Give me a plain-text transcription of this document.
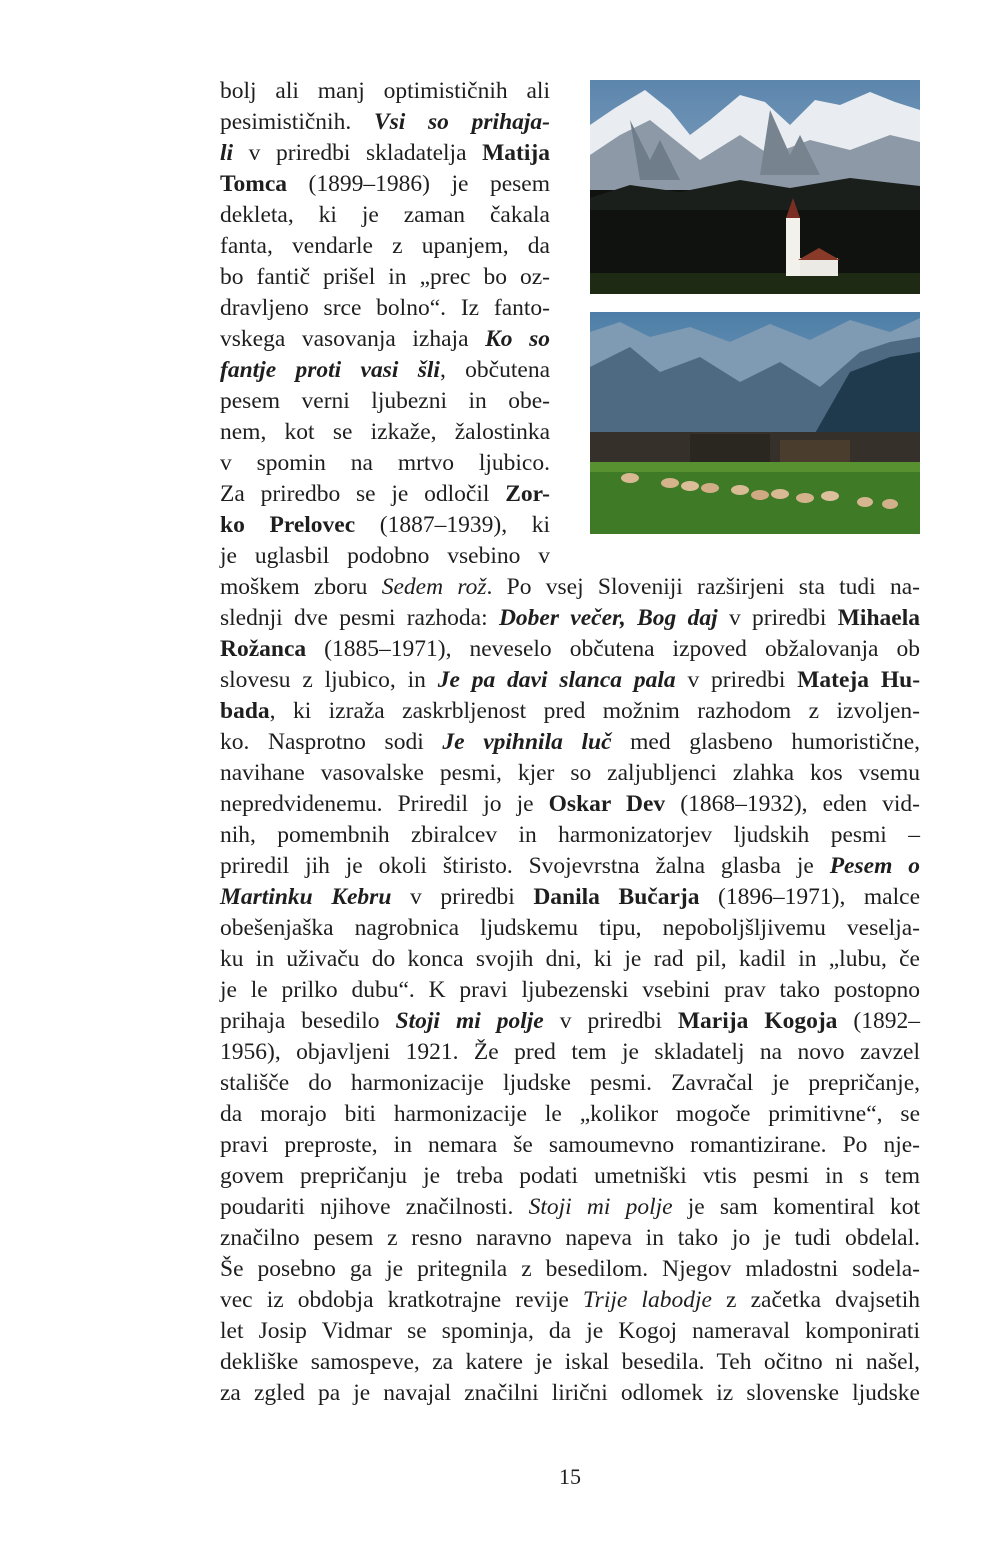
bolj ali manj optimističnih ali
pesimističnih. Vsi so prihaja-
li v priredbi skladatelja Matija
Tomca (1899–1986) je pesem
dekleta, ki je zaman čakala
fanta, vendarle z upanjem, da
bo fantič prišel in „prec bo oz-
dravljeno srce bolno“. Iz fanto-
vskega vasovanja izhaja Ko so
fantje proti vasi šli, občutena
pesem verni ljubezni in obe-
nem, kot se izkaže, žalostinka
v spomin na mrtvo ljubico.
Za priredbo se je odločil Zor-
ko Prelovec (1887–1939), ki
je uglasbil podobno vsebino v
moškem zboru Sedem rož. Po vsej Sloveniji razširjeni sta tudi na-
slednji dve pesmi razhoda: Dober večer, Bog daj v priredbi Mihaela
Rožanca (1885–1971), neveselo občutena izpoved obžalovanja ob
slovesu z ljubico, in Je pa davi slanca pala v priredbi Mateja Hu-
bada, ki izraža zaskrbljenost pred možnim razhodom z izvoljen-
ko. Nasprotno sodi Je vpihnila luč med glasbeno humoristične,
navihane vasovalske pesmi, kjer so zaljubljenci zlahka kos vsemu
nepredvidenemu. Priredil jo je Oskar Dev (1868–1932), eden vid-
nih, pomembnih zbiralcev in harmonizatorjev ljudskih pesmi –
priredil jih je okoli štiristo. Svojevrstna žalna glasba je Pesem o
Martinku Kebru v priredbi Danila Bučarja (1896–1971), malce
obešenjaška nagrobnica ljudskemu tipu, nepoboljšljivemu veselja-
ku in uživaču do konca svojih dni, ki je rad pil, kadil in „lubu, če
je le prilko dubu“. K pravi ljubezenski vsebini prav tako postopno
prihaja besedilo Stoji mi polje v priredbi Marija Kogoja (1892–
1956), objavljeni 1921. Že pred tem je skladatelj na novo zavzel
stališče do harmonizacije ljudske pesmi. Zavračal je prepričanje,
da morajo biti harmonizacije le „kolikor mogoče primitivne“, se
pravi preproste, in nemara še samoumevno romantizirane. Po nje-
govem prepričanju je treba podati umetniški vtis pesmi in s tem
poudariti njihove značilnosti. Stoji mi polje je sam komentiral kot
značilno pesem z resno naravno napeva in tako jo je tudi obdelal.
Še posebno ga je pritegnila z besedilom. Njegov mladostni sodela-
vec iz obdobja kratkotrajne revije Trije labodje z začetka dvajsetih
let Josip Vidmar se spominja, da je Kogoj nameraval komponirati
dekliške samospeve, za katere je iskal besedila. Teh očitno ni našel,
za zgled pa je navajal značilni lirični odlomek iz slovenske ljudske
15
